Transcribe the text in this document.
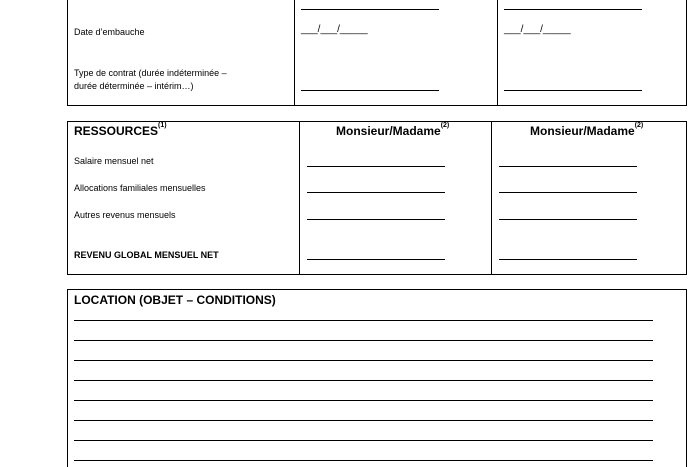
Date d’embauche	___/___/_____	___/___/_____
Type de contrat (durée indéterminée –
durée déterminée – intérim…)
RESSOURCES$^{(1)}$	Monsieur/Madame$^{(2)}$	Monsieur/Madame$^{(2)}$
Salaire mensuel net
Allocations familiales mensuelles
Autres revenus mensuels
REVENU GLOBAL MENSUEL NET
LOCATION (OBJET – CONDITIONS)
